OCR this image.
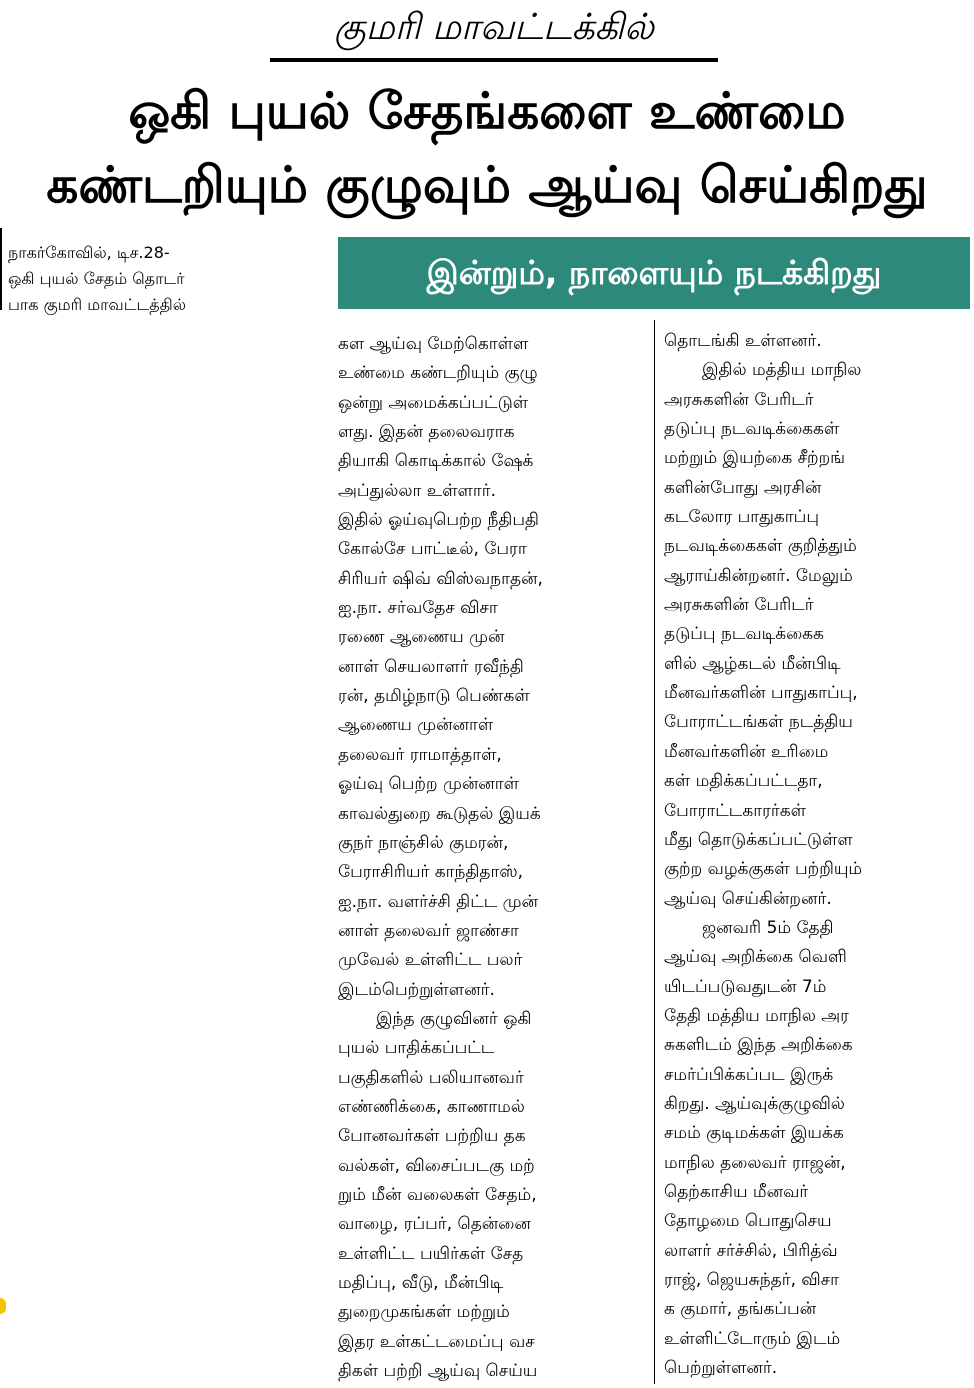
குமரி மாவட்டக்கில்
ஒகி புயல் சேதங்களை உண்மை
கண்டறியும் குழுவும் ஆய்வு செய்கிறது
நாகர்கோவில், டிச.28-
ஒகி புயல் சேதம் தொடர்
பாக குமரி மாவட்டத்தில்
இன்றும், நாளையும் நடக்கிறது
கள ஆய்வு மேற்கொள்ள
உண்மை கண்டறியும் குழு
ஒன்று அமைக்கப்பட்டுள்
ளது. இதன் தலைவராக
தியாகி கொடிக்கால் ஷேக்
அப்துல்லா உள்ளார்.
இதில் ஓய்வுபெற்ற நீதிபதி
கோல்சே பாட்டீல், பேரா
சிரியர் ஷிவ் விஸ்வநாதன்,
ஐ.நா. சர்வதேச விசா
ரணை ஆணைய முன்
னாள் செயலாளர் ரவீந்தி
ரன், தமிழ்நாடு பெண்கள்
ஆணைய முன்னாள்
தலைவர் ராமாத்தாள்,
ஓய்வு பெற்ற முன்னாள்
காவல்துறை கூடுதல் இயக்
குநர் நாஞ்சில் குமரன்,
பேராசிரியர் காந்திதாஸ்,
ஐ.நா. வளர்ச்சி திட்ட முன்
னாள் தலைவர் ஜாண்சா
முவேல் உள்ளிட்ட பலர்
இடம்பெற்றுள்ளனர்.
இந்த குழுவினர் ஒகி
புயல் பாதிக்கப்பட்ட
பகுதிகளில் பலியானவர்
எண்ணிக்கை, காணாமல்
போனவர்கள் பற்றிய தக
வல்கள், விசைப்படகு மற்
றும் மீன் வலைகள் சேதம்,
வாழை, ரப்பர், தென்னை
உள்ளிட்ட பயிர்கள் சேத
மதிப்பு, வீடு, மீன்பிடி
துறைமுகங்கள் மற்றும்
இதர உள்கட்டமைப்பு வச
திகள் பற்றி ஆய்வு செய்ய
தொடங்கி உள்ளனர்.
இதில் மத்திய மாநில
அரசுகளின் பேரிடர்
தடுப்பு நடவடிக்கைகள்
மற்றும் இயற்கை சீற்றங்
களின்போது அரசின்
கடலோர பாதுகாப்பு
நடவடிக்கைகள் குறித்தும்
ஆராய்கின்றனர். மேலும்
அரசுகளின் பேரிடர்
தடுப்பு நடவடிக்கைக
ளில் ஆழ்கடல் மீன்பிடி
மீனவர்களின் பாதுகாப்பு,
போராட்டங்கள் நடத்திய
மீனவர்களின் உரிமை
கள் மதிக்கப்பட்டதா,
போராட்டகாரர்கள்
மீது தொடுக்கப்பட்டுள்ள
குற்ற வழக்குகள் பற்றியும்
ஆய்வு செய்கின்றனர்.
ஜனவரி 5ம் தேதி
ஆய்வு அறிக்கை வெளி
யிடப்படுவதுடன் 7ம்
தேதி மத்திய மாநில அர
சுகளிடம் இந்த அறிக்கை
சமர்ப்பிக்கப்பட இருக்
கிறது. ஆய்வுக்குழுவில்
சமம் குடிமக்கள் இயக்க
மாநில தலைவர் ராஜன்,
தெற்காசிய மீனவர்
தோழமை பொதுசெய
லாளர் சர்ச்சில், பிரித்வ்
ராஜ், ஜெயசுந்தர், விசா
க குமார், தங்கப்பன்
உள்ளிட்டோரும் இடம்
பெற்றுள்ளனர்.
